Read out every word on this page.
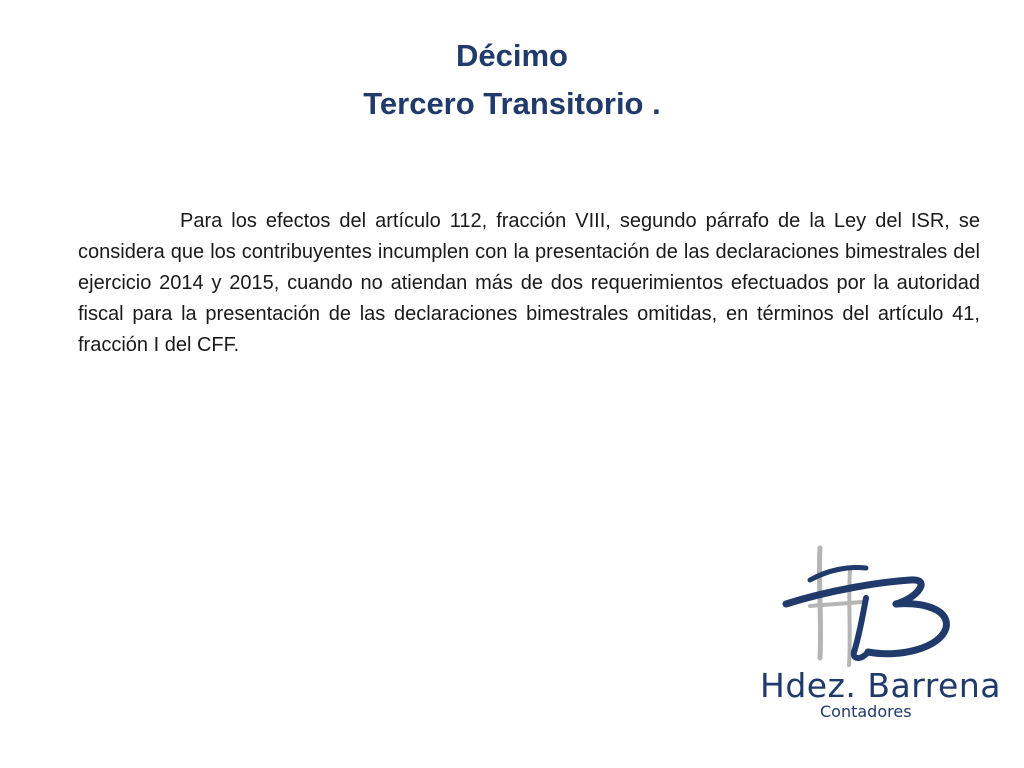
Décimo
Tercero Transitorio .

Para los efectos del artículo 112, fracción VIII, segundo párrafo de la Ley del ISR, se considera que los contribuyentes incumplen con la presentación de las declaraciones bimestrales del ejercicio 2014 y 2015, cuando no atiendan más de dos requerimientos efectuados por la autoridad fiscal para la presentación de las declaraciones bimestrales omitidas, en términos del artículo 41, fracción I del CFF.

Hdez. Barrena
Contadores
